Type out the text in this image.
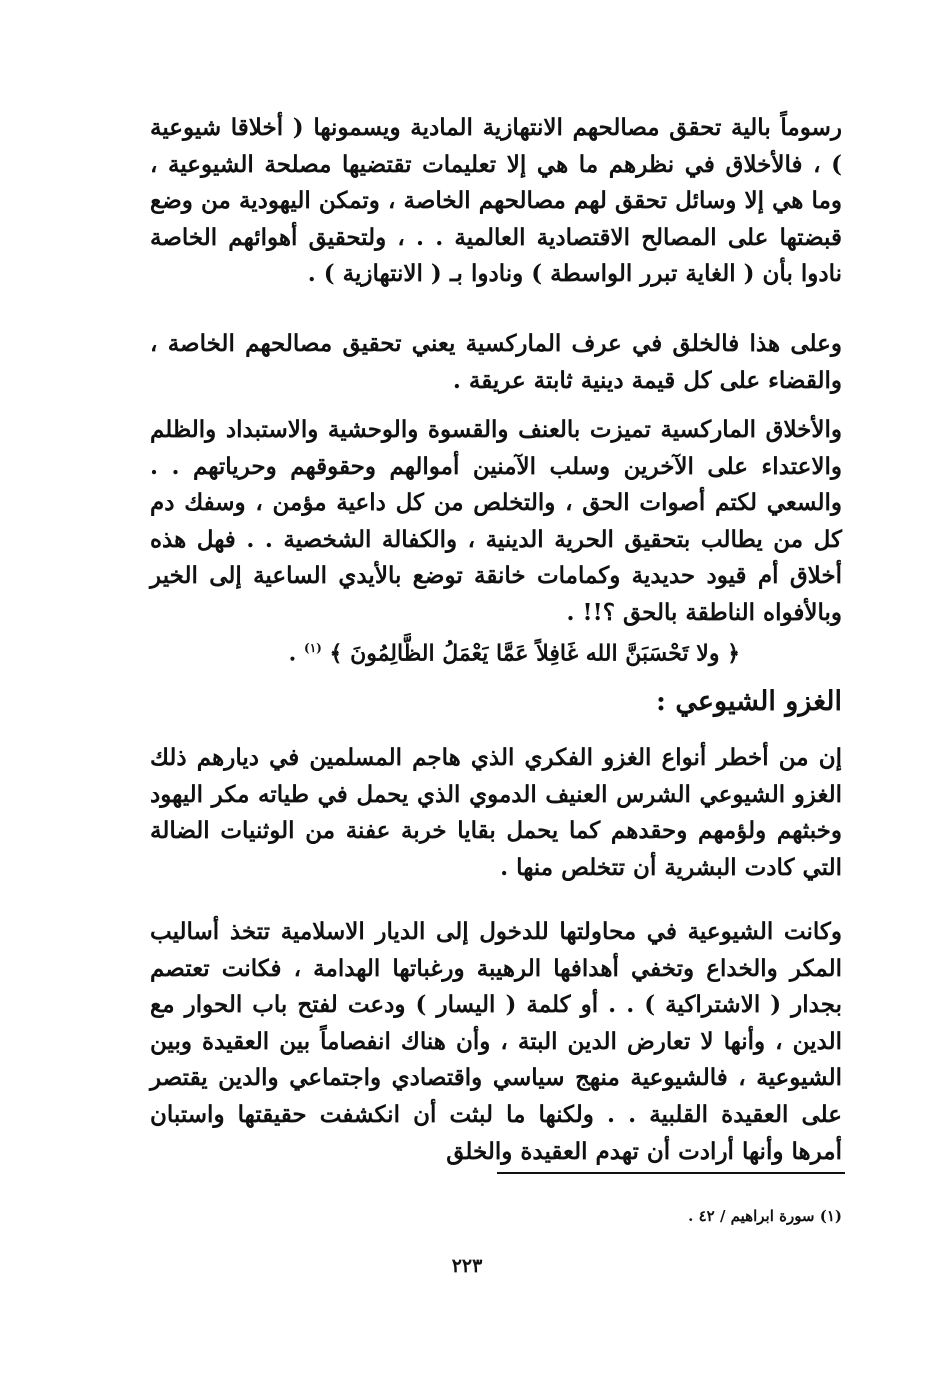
رسوماً بالية تحقق مصالحهم الانتهازية المادية ويسمونها ( أخلاقا شيوعية ) ، فالأخلاق في نظرهم ما هي إلا تعليمات تقتضيها مصلحة الشيوعية ، وما هي إلا وسائل تحقق لهم مصالحهم الخاصة ، وتمكن اليهودية من وضع قبضتها على المصالح الاقتصادية العالمية . . ، ولتحقيق أهوائهم الخاصة نادوا بأن ( الغاية تبرر الواسطة ) ونادوا بـ ( الانتهازية ) .

وعلى هذا فالخلق في عرف الماركسية يعني تحقيق مصالحهم الخاصة ، والقضاء على كل قيمة دينية ثابتة عريقة .

والأخلاق الماركسية تميزت بالعنف والقسوة والوحشية والاستبداد والظلم والاعتداء على الآخرين وسلب الآمنين أموالهم وحقوقهم وحرياتهم . . والسعي لكتم أصوات الحق ، والتخلص من كل داعية مؤمن ، وسفك دم كل من يطالب بتحقيق الحرية الدينية ، والكفالة الشخصية . . فهل هذه أخلاق أم قيود حديدية وكمامات خانقة توضع بالأيدي الساعية إلى الخير وبالأفواه الناطقة بالحق ؟!! .

﴿ ولا تَحْسَبَنَّ الله غَافِلاً عَمَّا يَعْمَلُ الظَّالِمُونَ ﴾ $^{(١)}$ .
الغزو الشيوعي :

إن من أخطر أنواع الغزو الفكري الذي هاجم المسلمين في ديارهم ذلك الغزو الشيوعي الشرس العنيف الدموي الذي يحمل في طياته مكر اليهود وخبثهم ولؤمهم وحقدهم كما يحمل بقايا خربة عفنة من الوثنيات الضالة التي كادت البشرية أن تتخلص منها .

وكانت الشيوعية في محاولتها للدخول إلى الديار الاسلامية تتخذ أساليب المكر والخداع وتخفي أهدافها الرهيبة ورغباتها الهدامة ، فكانت تعتصم بجدار ( الاشتراكية ) . . أو كلمة ( اليسار ) ودعت لفتح باب الحوار مع الدين ، وأنها لا تعارض الدين البتة ، وأن هناك انفصاماً بين العقيدة وبين الشيوعية ، فالشيوعية منهج سياسي واقتصادي واجتماعي والدين يقتصر على العقيدة القلبية . . ولكنها ما لبثت أن انكشفت حقيقتها واستبان أمرها وأنها أرادت أن تهدم العقيدة والخلق

(١) سورة ابراهيم / ٤٢ .
٢٢٣
